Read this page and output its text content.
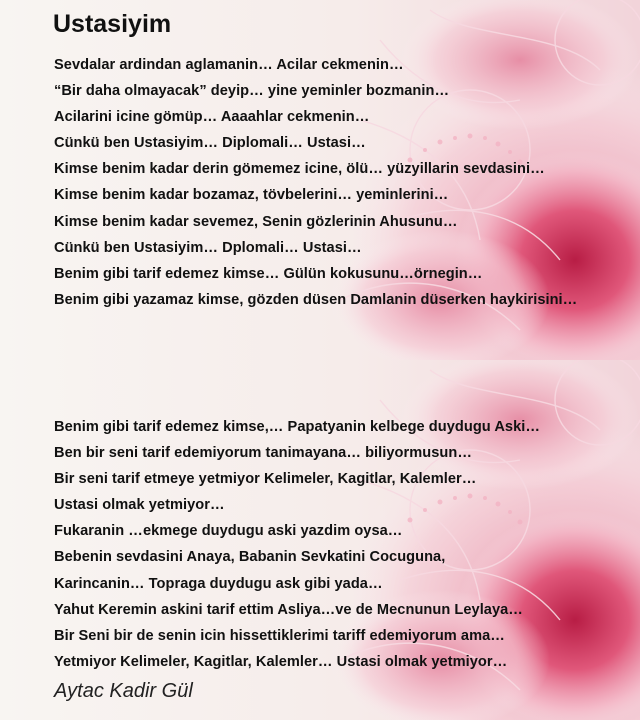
Ustasiyim
Sevdalar ardindan aglamanin… Acilar cekmenin…
“Bir daha olmayacak” deyip… yine yeminler bozmanin…
Acilarini icine gömüp… Aaaahlar cekmenin…
Cünkü ben Ustasiyim… Diplomali… Ustasi…
Kimse benim kadar derin gömemez icine, ölü… yüzyillarin sevdasini…
Kimse benim kadar bozamaz, tövbelerini… yeminlerini…
Kimse benim kadar sevemez, Senin gözlerinin Ahusunu…
Cünkü ben Ustasiyim… Dplomali… Ustasi…
Benim gibi tarif edemez kimse… Gülün kokusunu…örnegin…
Benim gibi yazamaz kimse, gözden düsen Damlanin düserken haykirisini…
Benim gibi tarif edemez kimse,… Papatyanin kelbege duydugu Aski…
Ben bir seni tarif edemiyorum tanimayana… biliyormusun…
Bir seni tarif etmeye yetmiyor Kelimeler, Kagitlar, Kalemler…
Ustasi olmak yetmiyor…
Fukaranin …ekmege duydugu aski yazdim oysa…
Bebenin sevdasini Anaya, Babanin Sevkatini Cocuguna,
Karincanin… Topraga duydugu ask gibi yada…
Yahut Keremin askini tarif ettim Asliya…ve de Mecnunun Leylaya…
Bir Seni bir de senin icin hissettiklerimi tariff edemiyorum ama…
Yetmiyor Kelimeler, Kagitlar, Kalemler… Ustasi olmak yetmiyor…
Aytac Kadir Gül
